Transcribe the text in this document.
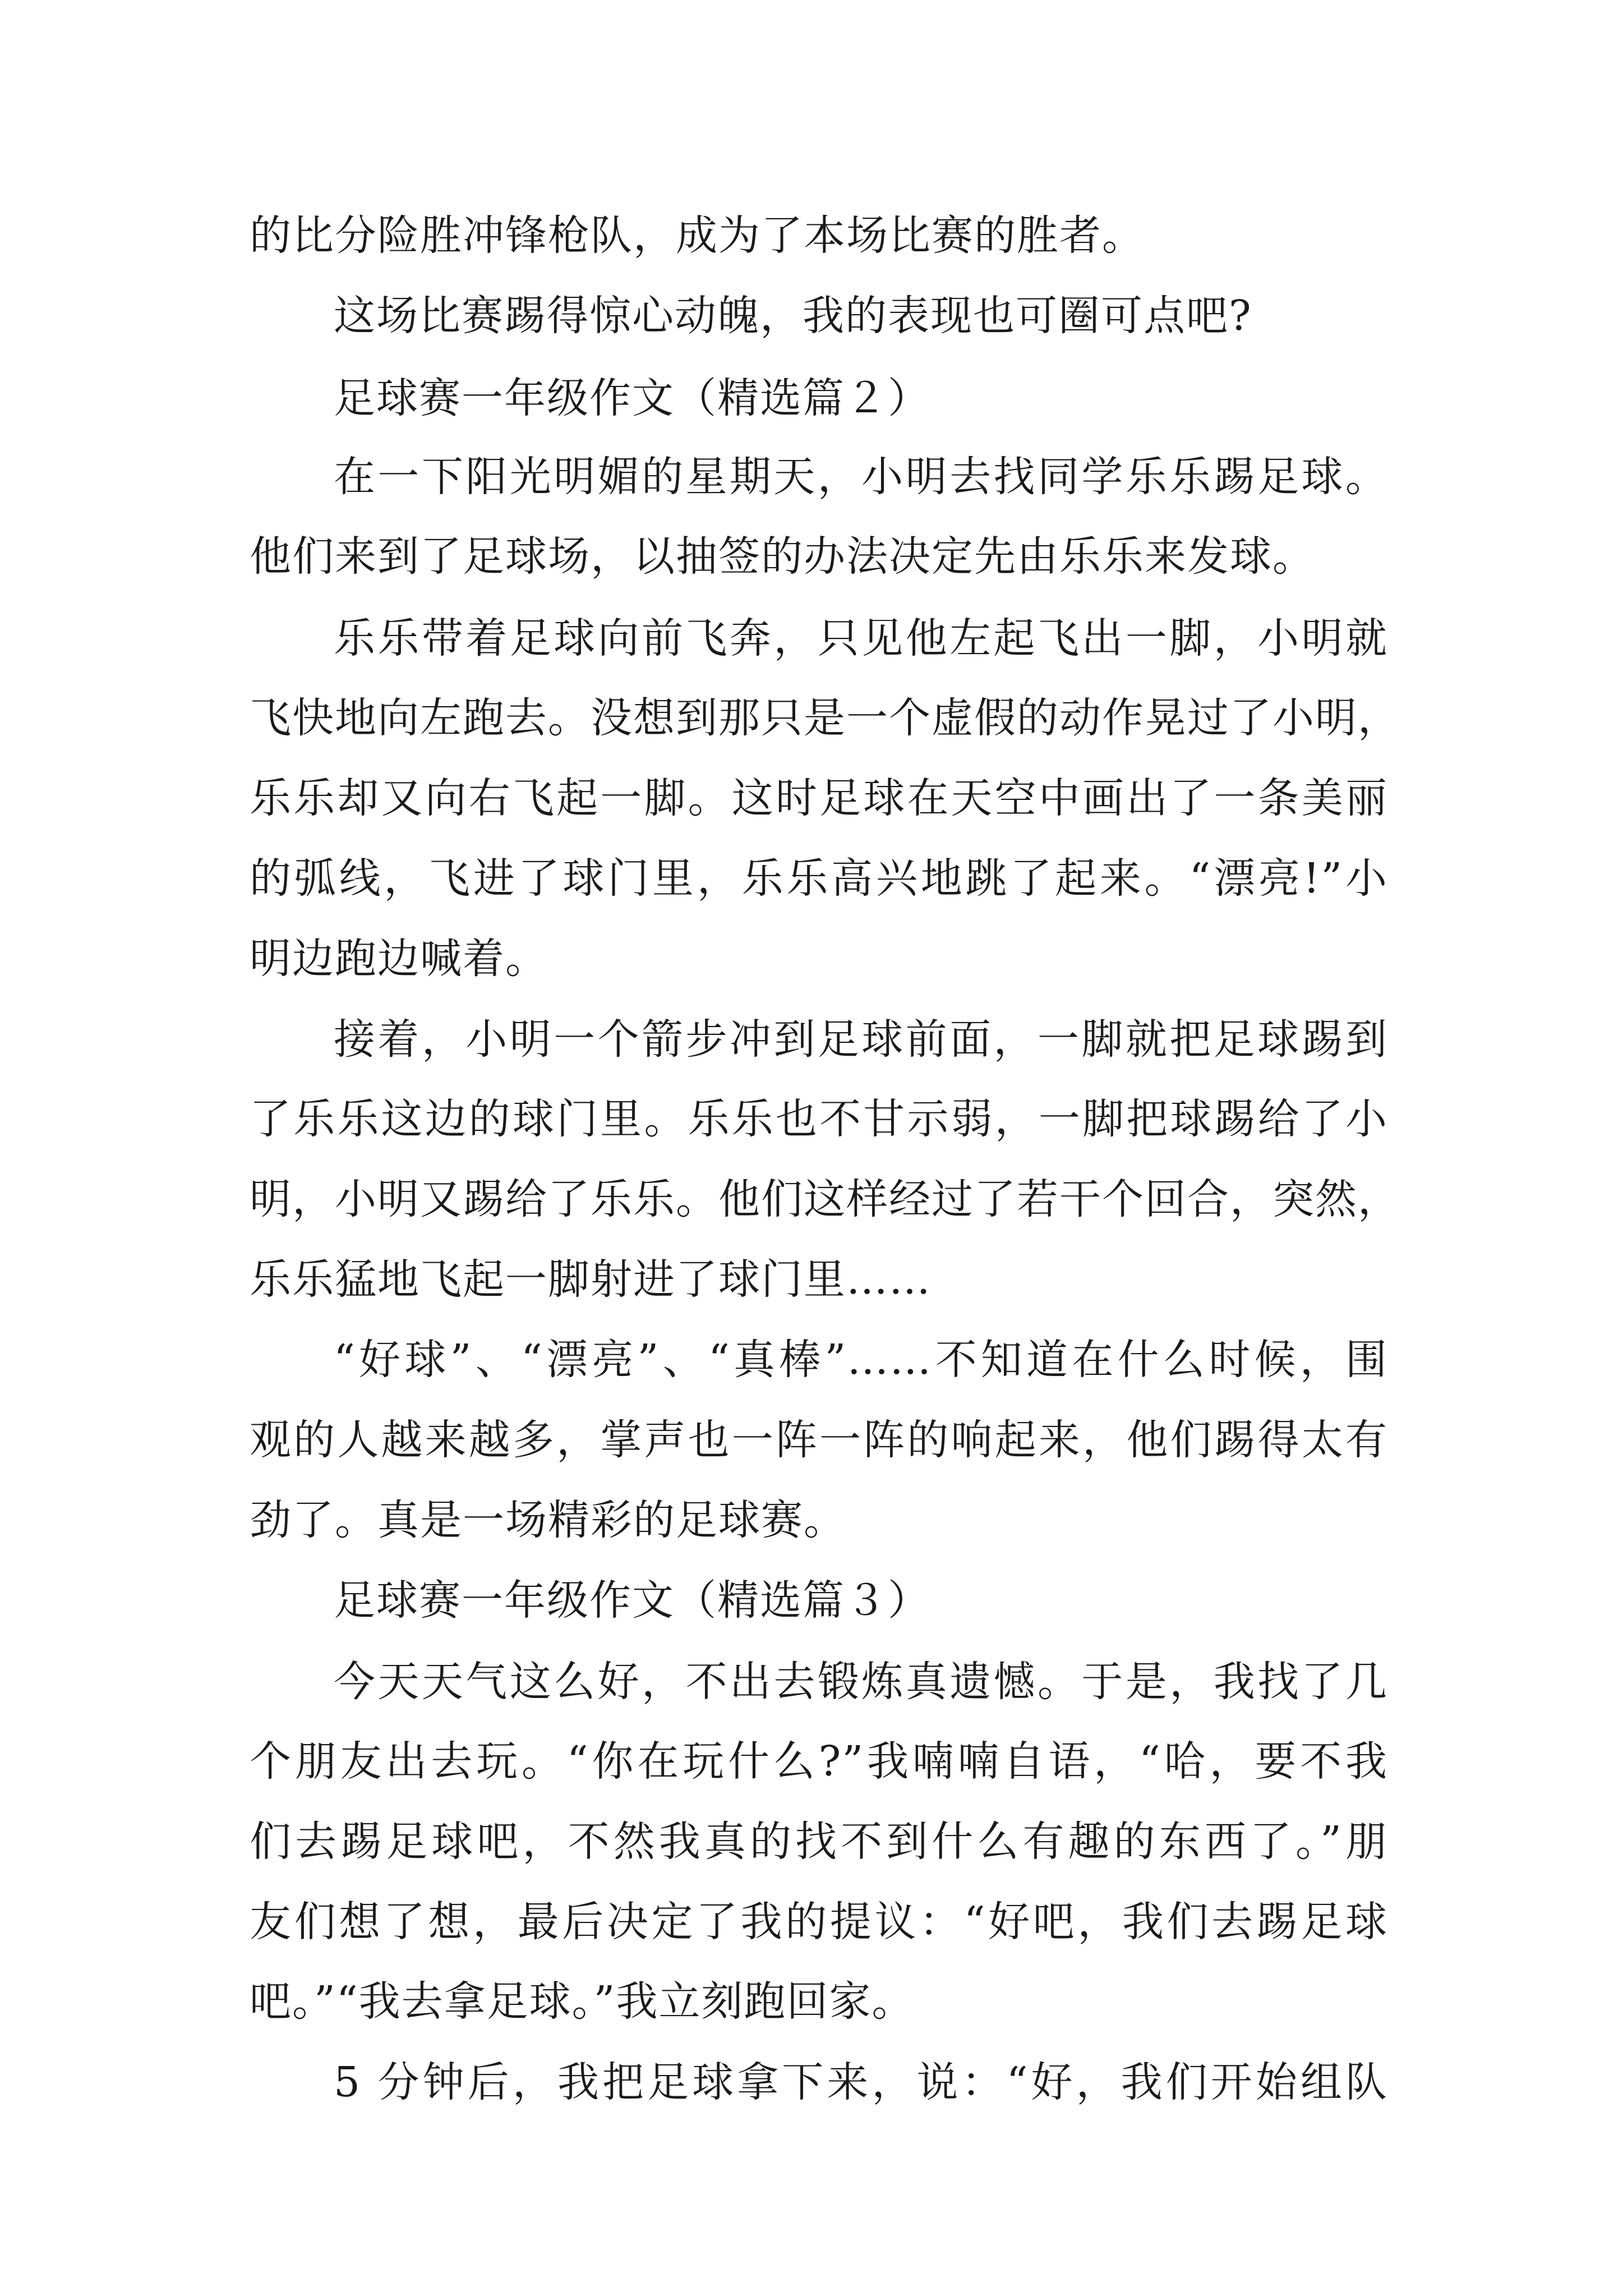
的比分险胜冲锋枪队，成为了本场比赛的胜者。
这场比赛踢得惊心动魄，我的表现也可圈可点吧?
足球赛一年级作文（精选篇２）
在一下阳光明媚的星期天，小明去找同学乐乐踢足球。
他们来到了足球场，以抽签的办法决定先由乐乐来发球。
乐乐带着足球向前飞奔，只见他左起飞出一脚，小明就
飞快地向左跑去。没想到那只是一个虚假的动作晃过了小明，
乐乐却又向右飞起一脚。这时足球在天空中画出了一条美丽
的弧线，飞进了球门里，乐乐高兴地跳了起来。“漂亮!”小
明边跑边喊着。
接着，小明一个箭步冲到足球前面，一脚就把足球踢到
了乐乐这边的球门里。乐乐也不甘示弱，一脚把球踢给了小
明，小明又踢给了乐乐。他们这样经过了若干个回合，突然，
乐乐猛地飞起一脚射进了球门里……
“好球”、“漂亮”、“真棒”……不知道在什么时候，围
观的人越来越多，掌声也一阵一阵的响起来，他们踢得太有
劲了。真是一场精彩的足球赛。
足球赛一年级作文（精选篇３）
今天天气这么好，不出去锻炼真遗憾。于是，我找了几
个朋友出去玩。“你在玩什么?”我喃喃自语，“哈，要不我
们去踢足球吧，不然我真的找不到什么有趣的东西了。”朋
友们想了想，最后决定了我的提议：“好吧，我们去踢足球
吧。”“我去拿足球。”我立刻跑回家。
5 分钟后，我把足球拿下来，说：“好，我们开始组队
